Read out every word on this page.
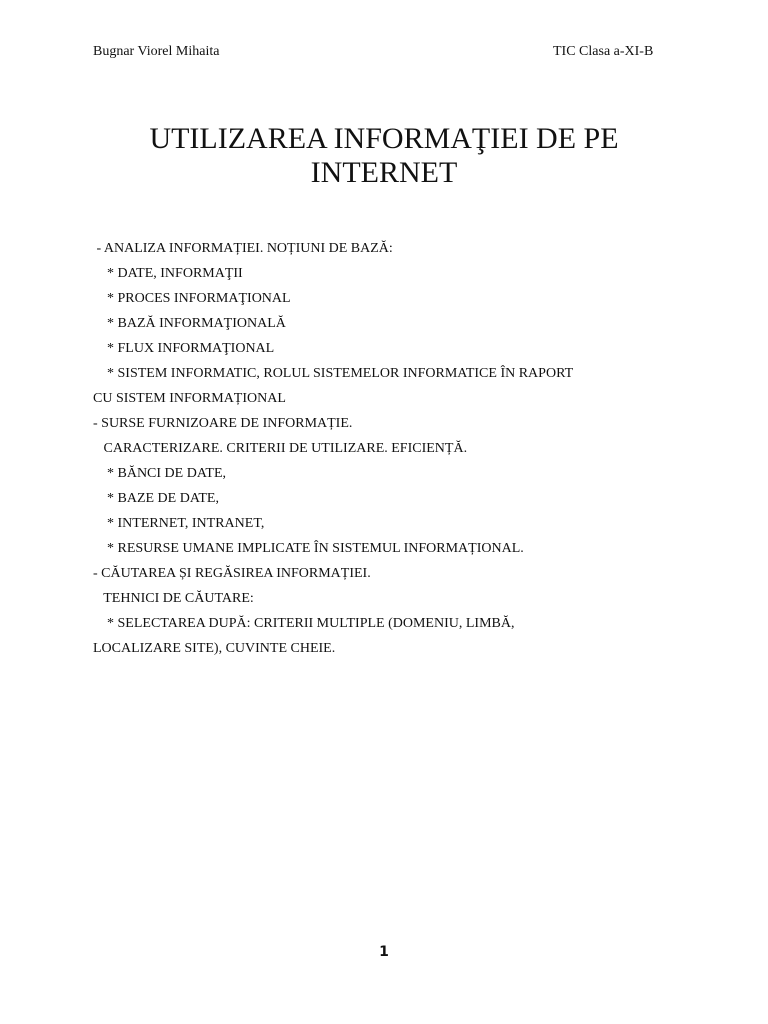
Bugnar Viorel Mihaita	TIC Clasa a-XI-B
UTILIZAREA INFORMAŢIEI DE PE
INTERNET
- ANALIZA INFORMAȚIEI. NOȚIUNI DE BAZĂ:
* DATE, INFORMAŢII
* PROCES INFORMAŢIONAL
* BAZĂ INFORMAŢIONALĂ
* FLUX INFORMAŢIONAL
* SISTEM INFORMATIC, ROLUL SISTEMELOR INFORMATICE ÎN RAPORT
CU SISTEM INFORMAȚIONAL
- SURSE FURNIZOARE DE INFORMAȚIE.
CARACTERIZARE. CRITERII DE UTILIZARE. EFICIENȚĂ.
* BĂNCI DE DATE,
* BAZE DE DATE,
* INTERNET, INTRANET,
* RESURSE UMANE IMPLICATE ÎN SISTEMUL INFORMAȚIONAL.
- CĂUTAREA ȘI REGĂSIREA INFORMAȚIEI.
TEHNICI DE CĂUTARE:
* SELECTAREA DUPĂ: CRITERII MULTIPLE (DOMENIU, LIMBĂ,
LOCALIZARE SITE), CUVINTE CHEIE.
1
